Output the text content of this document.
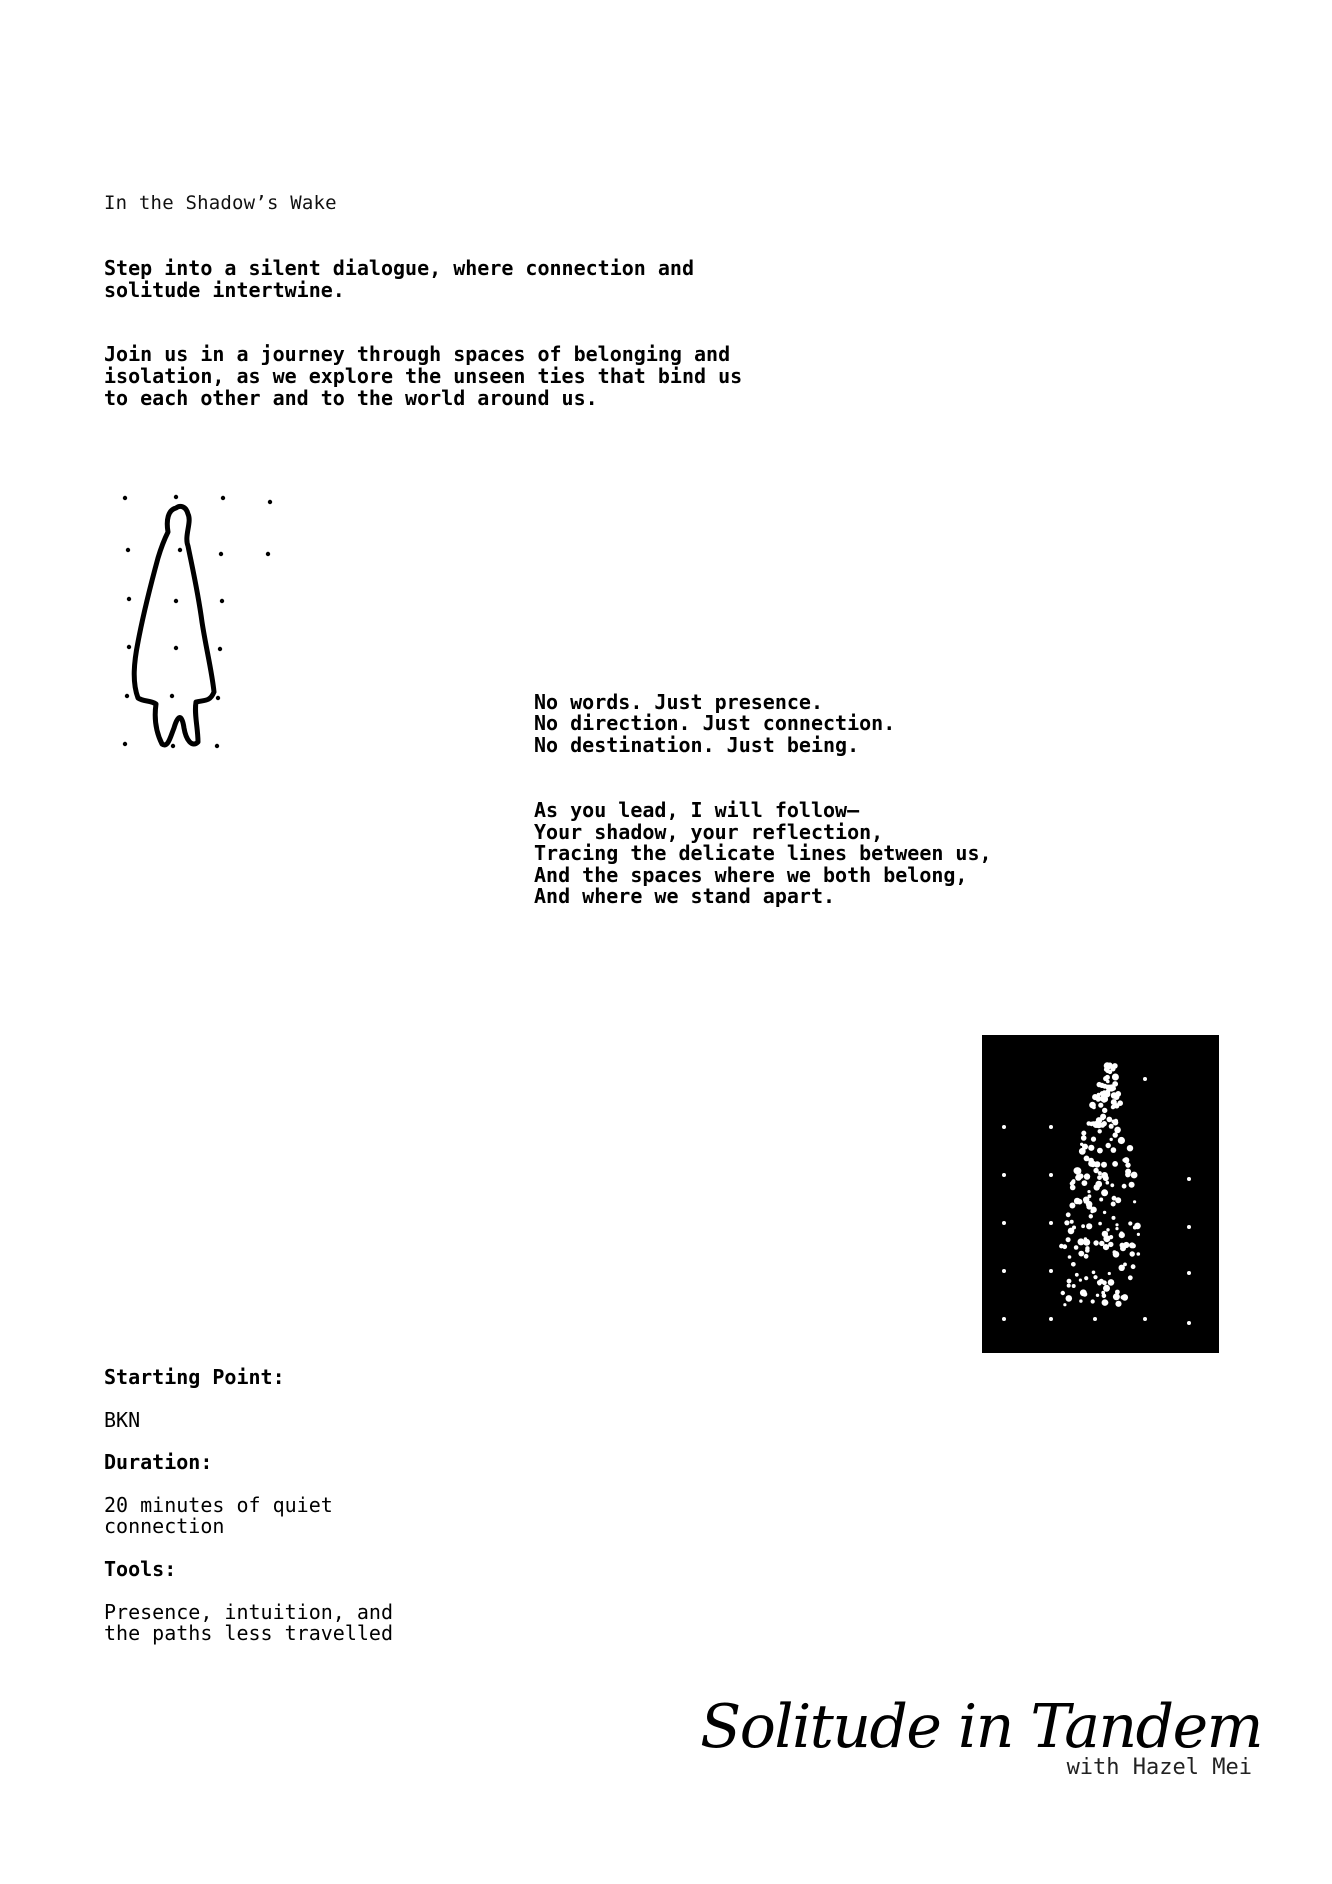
In the Shadow’s Wake

Step into a silent dialogue, where connection and
solitude intertwine.

Join us in a journey through spaces of belonging and
isolation, as we explore the unseen ties that bind us
to each other and to the world around us.

No words. Just presence.
No direction. Just connection.
No destination. Just being.

As you lead, I will follow—
Your shadow, your reflection,
Tracing the delicate lines between us,
And the spaces where we both belong,
And where we stand apart.

Starting Point:
BKN
Duration:
20 minutes of quiet
connection
Tools:
Presence, intuition, and
the paths less travelled
Solitude in Tandem
with Hazel Mei
